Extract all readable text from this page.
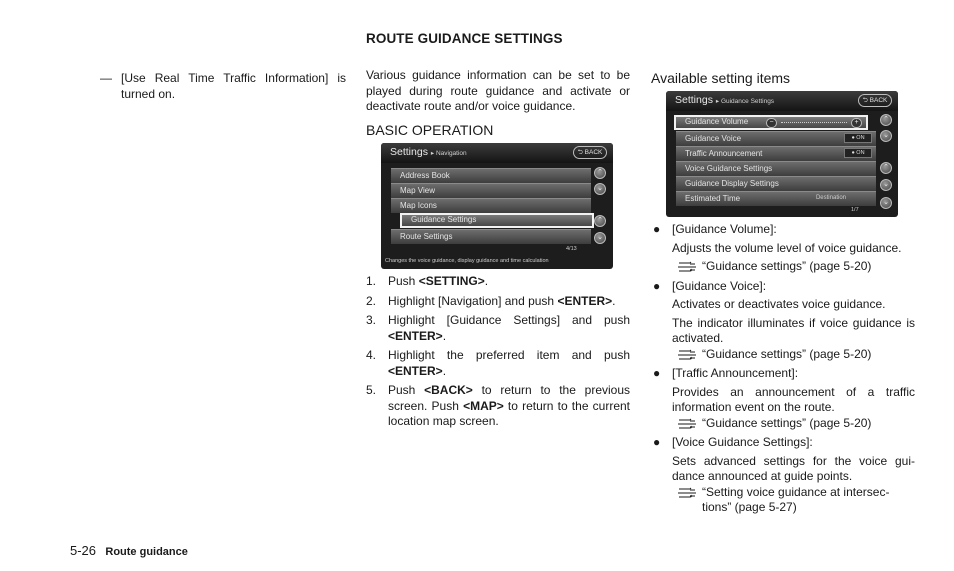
— [Use Real Time Traffic Information] is turned on.
ROUTE GUIDANCE SETTINGS
Various guidance information can be set to be played during route guidance and activate or deactivate route and/or voice guidance.
BASIC OPERATION
Settings ▸ Navigation	⮌ BACK
Address Book
Map View
Map Icons
Guidance Settings
Route Settings
⌃
⌄
⌃
⌄
4/13
Changes the voice guidance, display guidance and time calculation
1. Push <SETTING>.
2. Highlight [Navigation] and push <ENTER>.
3. Highlight [Guidance Settings] and push <ENTER>.
4. Highlight the preferred item and push <ENTER>.
5. Push <BACK> to return to the previous screen. Push <MAP> to return to the current location map screen.
Available setting items
Settings ▸ Guidance Settings	⮌ BACK
Guidance Volume	−	+
Guidance Voice	● ON
Traffic Announcement	● ON
Voice Guidance Settings
Guidance Display Settings
Estimated Time	Destination
⌃
⌄
⌃
⌄
⌄
1/7
● [Guidance Volume]:
Adjusts the volume level of voice guidance.
“Guidance settings” (page 5-20)
● [Guidance Voice]:
Activates or deactivates voice guidance.
The indicator illuminates if voice guidance is activated.
“Guidance settings” (page 5-20)
● [Traffic Announcement]:
Provides an announcement of a traffic information event on the route.
“Guidance settings” (page 5-20)
● [Voice Guidance Settings]:
Sets advanced settings for the voice gui-dance announced at guide points.
“Setting voice guidance at intersec-tions” (page 5-27)
5-26 Route guidance
